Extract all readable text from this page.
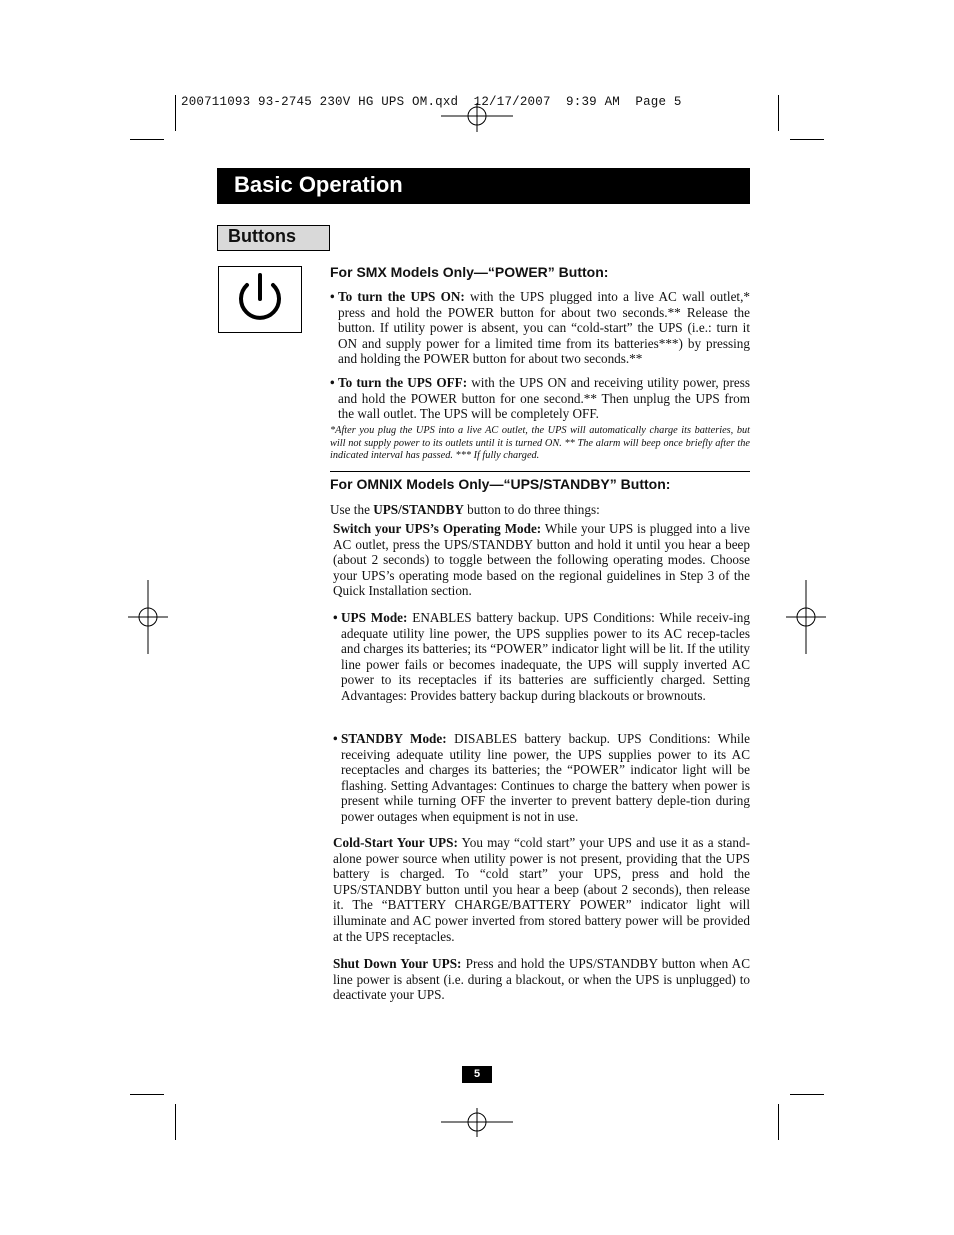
200711093 93-2745 230V HG UPS OM.qxd  12/17/2007  9:39 AM  Page 5
Basic Operation
Buttons
For SMX Models Only—“POWER” Button:
• To turn the UPS ON: with the UPS plugged into a live AC wall outlet,* press and hold the POWER button for about two seconds.** Release the button. If utility power is absent, you can “cold-start” the UPS (i.e.: turn it ON and supply power for a limited time from its batteries***) by pressing and holding the POWER button for about two seconds.**
• To turn the UPS OFF: with the UPS ON and receiving utility power, press and hold the POWER button for one second.** Then unplug the UPS from the wall outlet. The UPS will be completely OFF.
*After you plug the UPS into a live AC outlet, the UPS will automatically charge its batteries, but will not supply power to its outlets until it is turned ON. ** The alarm will beep once briefly after the indicated interval has passed. *** If fully charged.
For OMNIX Models Only—“UPS/STANDBY” Button:
Use the UPS/STANDBY button to do three things:
Switch your UPS’s Operating Mode: While your UPS is plugged into a live AC outlet, press the UPS/STANDBY button and hold it until you hear a beep (about 2 seconds) to toggle between the following operating modes. Choose your UPS’s operating mode based on the regional guidelines in Step 3 of the Quick Installation section.
• UPS Mode: ENABLES battery backup. UPS Conditions: While receiv-ing adequate utility line power, the UPS supplies power to its AC recep-tacles and charges its batteries; its “POWER” indicator light will be lit. If the utility line power fails or becomes inadequate, the UPS will supply inverted AC power to its receptacles if its batteries are sufficiently charged. Setting Advantages: Provides battery backup during blackouts or brownouts.
• STANDBY Mode: DISABLES battery backup. UPS Conditions: While receiving adequate utility line power, the UPS supplies power to its AC receptacles and charges its batteries; the “POWER” indicator light will be flashing. Setting Advantages: Continues to charge the battery when power is present while turning OFF the inverter to prevent battery deple-tion during power outages when equipment is not in use.
Cold-Start Your UPS: You may “cold start” your UPS and use it as a stand-alone power source when utility power is not present, providing that the UPS battery is charged. To “cold start” your UPS, press and hold the UPS/STANDBY button until you hear a beep (about 2 seconds), then release it. The “BATTERY CHARGE/BATTERY POWER” indicator light will illuminate and AC power inverted from stored battery power will be provided at the UPS receptacles.
Shut Down Your UPS: Press and hold the UPS/STANDBY button when AC line power is absent (i.e. during a blackout, or when the UPS is unplugged) to deactivate your UPS.
5
